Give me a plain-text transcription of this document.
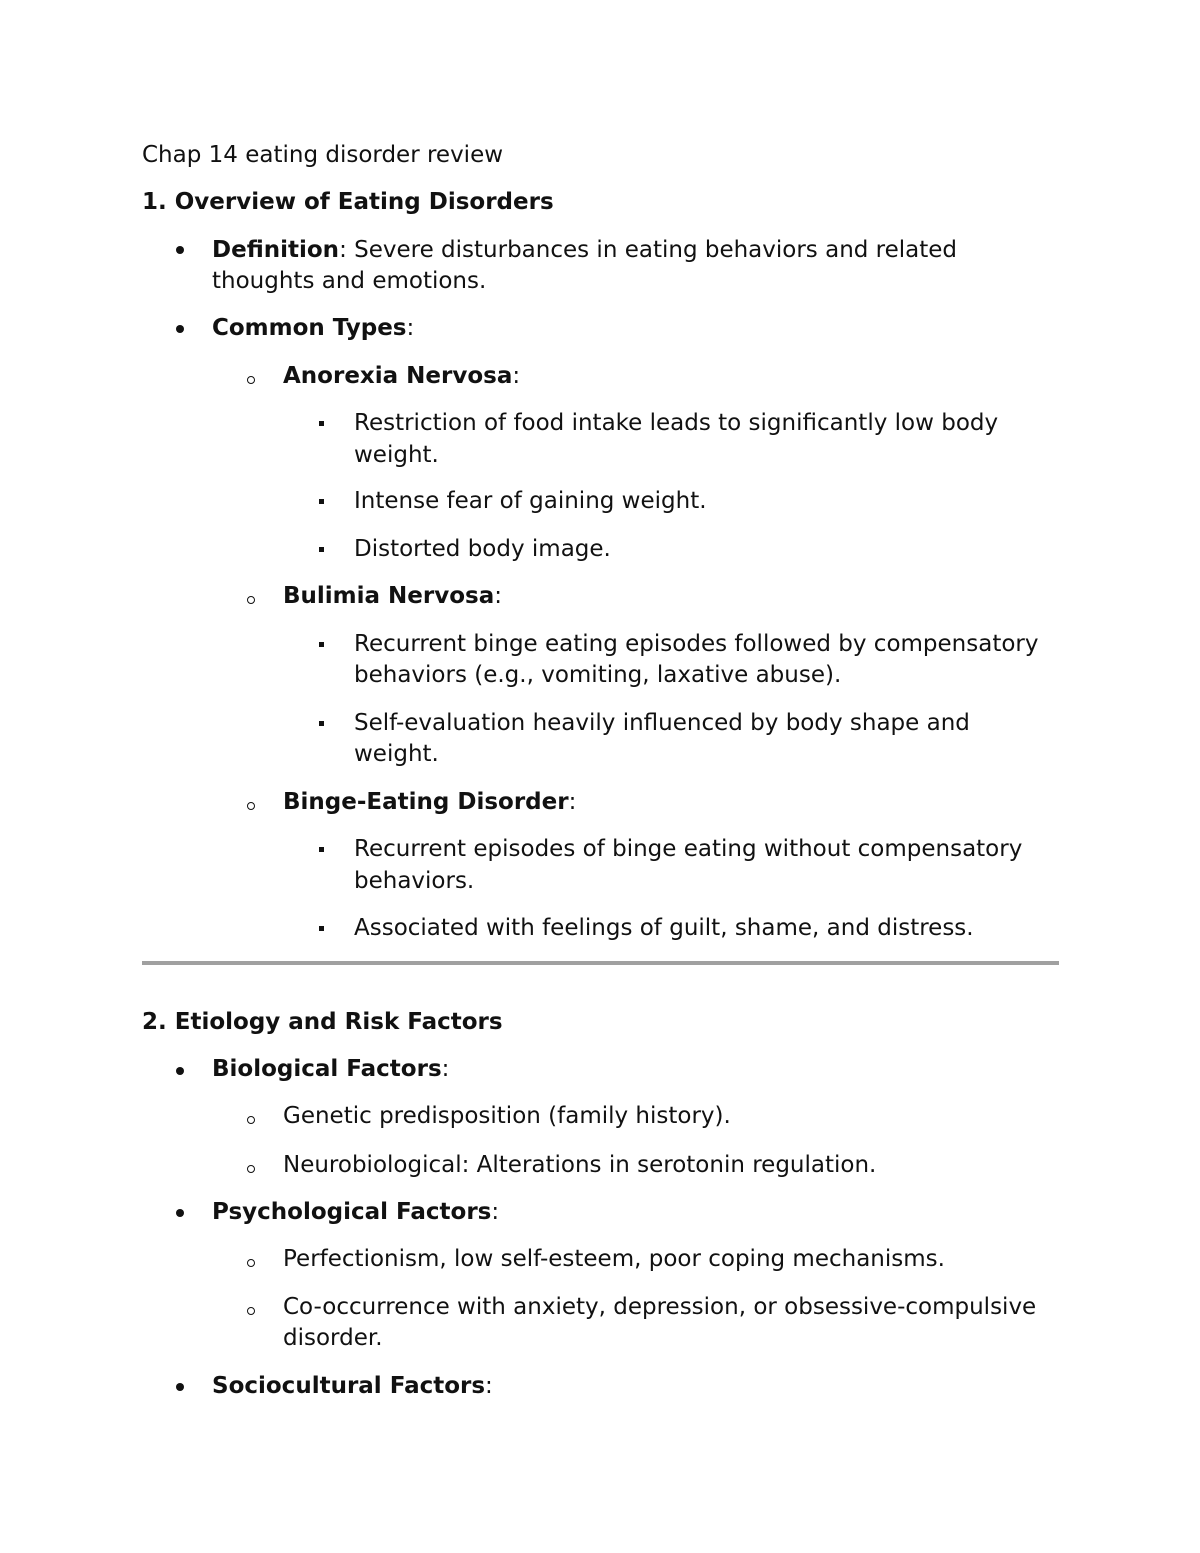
Chap 14 eating disorder review
1. Overview of Eating Disorders
Definition: Severe disturbances in eating behaviors and related
thoughts and emotions.
Common Types:
Anorexia Nervosa:
Restriction of food intake leads to significantly low body
weight.
Intense fear of gaining weight.
Distorted body image.
Bulimia Nervosa:
Recurrent binge eating episodes followed by compensatory
behaviors (e.g., vomiting, laxative abuse).
Self-evaluation heavily influenced by body shape and
weight.
Binge-Eating Disorder:
Recurrent episodes of binge eating without compensatory
behaviors.
Associated with feelings of guilt, shame, and distress.
2. Etiology and Risk Factors
Biological Factors:
Genetic predisposition (family history).
Neurobiological: Alterations in serotonin regulation.
Psychological Factors:
Perfectionism, low self-esteem, poor coping mechanisms.
Co-occurrence with anxiety, depression, or obsessive-compulsive
disorder.
Sociocultural Factors:
